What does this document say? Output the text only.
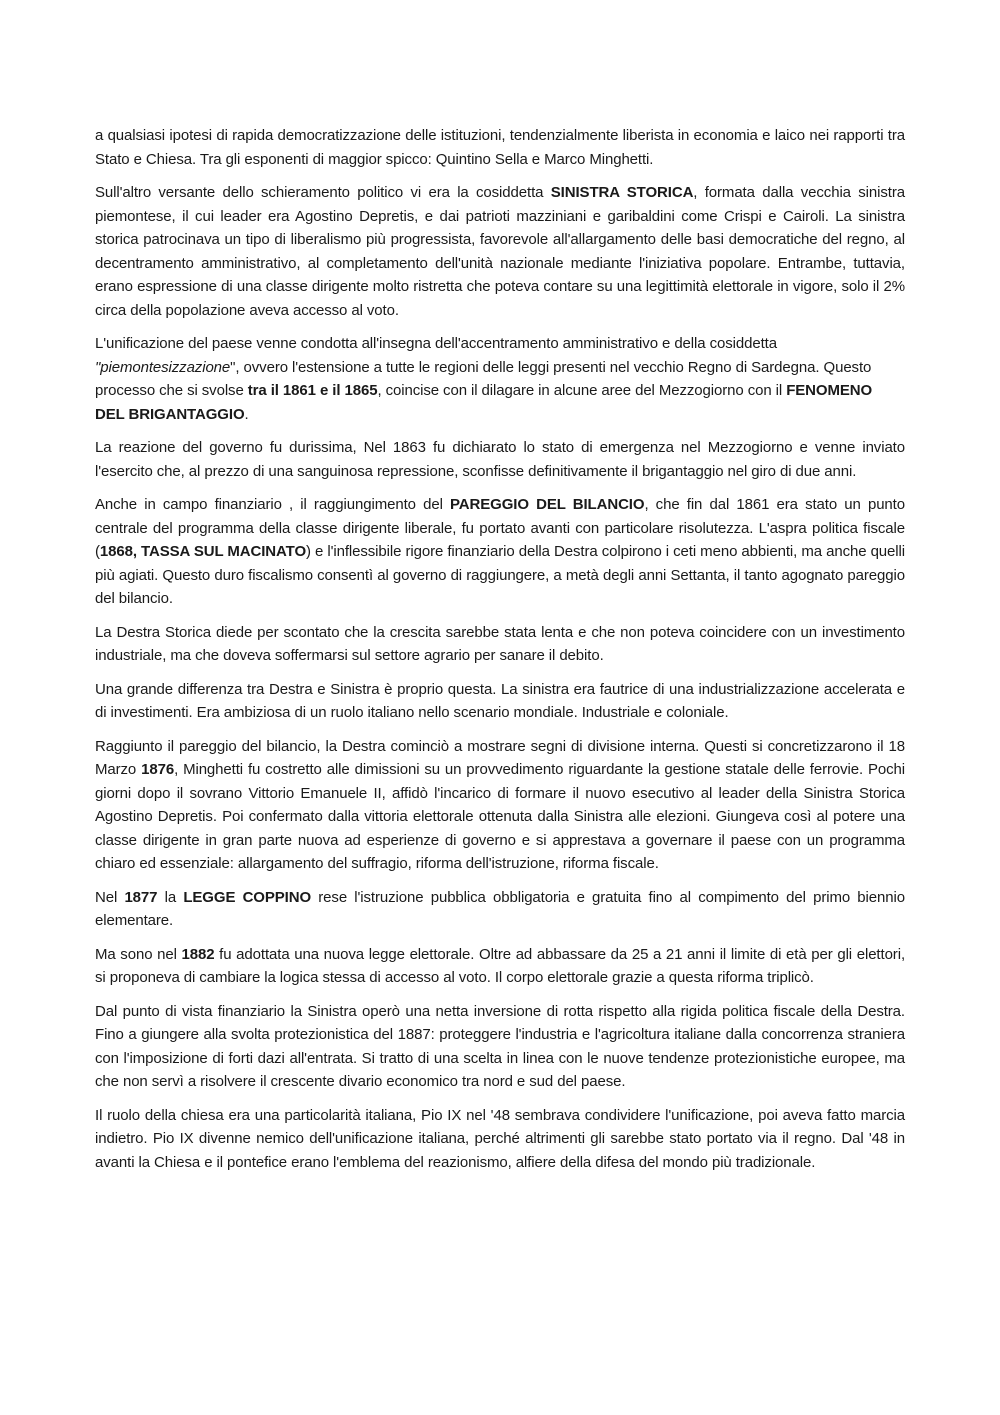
a qualsiasi ipotesi di rapida democratizzazione delle istituzioni, tendenzialmente liberista in economia e laico nei rapporti tra Stato e Chiesa. Tra gli esponenti di maggior spicco: Quintino Sella e Marco Minghetti.

Sull'altro versante dello schieramento politico vi era la cosiddetta SINISTRA STORICA, formata dalla vecchia sinistra piemontese, il cui leader era Agostino Depretis, e dai patrioti mazziniani e garibaldini come Crispi e Cairoli. La sinistra storica patrocinava un tipo di liberalismo più progressista, favorevole all'allargamento delle basi democratiche del regno, al decentramento amministrativo, al completamento dell'unità nazionale mediante l'iniziativa popolare. Entrambe, tuttavia, erano espressione di una classe dirigente molto ristretta che poteva contare su una legittimità elettorale in vigore, solo il 2% circa della popolazione aveva accesso al voto.

L'unificazione del paese venne condotta all'insegna dell'accentramento amministrativo e della cosiddetta "piemontesizzazione", ovvero l'estensione a tutte le regioni delle leggi presenti nel vecchio Regno di Sardegna. Questo processo che si svolse tra il 1861 e il 1865, coincise con il dilagare in alcune aree del Mezzogiorno con il FENOMENO DEL BRIGANTAGGIO.

La reazione del governo fu durissima, Nel 1863 fu dichiarato lo stato di emergenza nel Mezzogiorno e venne inviato l'esercito che, al prezzo di una sanguinosa repressione, sconfisse definitivamente il brigantaggio nel giro di due anni.

Anche in campo finanziario , il raggiungimento del PAREGGIO DEL BILANCIO, che fin dal 1861 era stato un punto centrale del programma della classe dirigente liberale, fu portato avanti con particolare risolutezza. L'aspra politica fiscale (1868, TASSA SUL MACINATO) e l'inflessibile rigore finanziario della Destra colpirono i ceti meno abbienti, ma anche quelli più agiati. Questo duro fiscalismo consentì al governo di raggiungere, a metà degli anni Settanta, il tanto agognato pareggio del bilancio.

La Destra Storica diede per scontato che la crescita sarebbe stata lenta e che non poteva coincidere con un investimento industriale, ma che doveva soffermarsi sul settore agrario per sanare il debito.

Una grande differenza tra Destra e Sinistra è proprio questa. La sinistra era fautrice di una industrializzazione accelerata e di investimenti. Era ambiziosa di un ruolo italiano nello scenario mondiale. Industriale e coloniale.

Raggiunto il pareggio del bilancio, la Destra cominciò a mostrare segni di divisione interna. Questi si concretizzarono il 18 Marzo 1876, Minghetti fu costretto alle dimissioni su un provvedimento riguardante la gestione statale delle ferrovie. Pochi giorni dopo il sovrano Vittorio Emanuele II, affidò l'incarico di formare il nuovo esecutivo al leader della Sinistra Storica Agostino Depretis. Poi confermato dalla vittoria elettorale ottenuta dalla Sinistra alle elezioni. Giungeva così al potere una classe dirigente in gran parte nuova ad esperienze di governo e si apprestava a governare il paese con un programma chiaro ed essenziale: allargamento del suffragio, riforma dell'istruzione, riforma fiscale.

Nel 1877 la LEGGE COPPINO rese l'istruzione pubblica obbligatoria e gratuita fino al compimento del primo biennio elementare.

Ma sono nel 1882 fu adottata una nuova legge elettorale. Oltre ad abbassare da 25 a 21 anni il limite di età per gli elettori, si proponeva di cambiare la logica stessa di accesso al voto. Il corpo elettorale grazie a questa riforma triplicò.

Dal punto di vista finanziario la Sinistra operò una netta inversione di rotta rispetto alla rigida politica fiscale della Destra. Fino a giungere alla svolta protezionistica del 1887: proteggere l'industria e l'agricoltura italiane dalla concorrenza straniera con l'imposizione di forti dazi all'entrata. Si tratto di una scelta in linea con le nuove tendenze protezionistiche europee, ma che non servì a risolvere il crescente divario economico tra nord e sud del paese.

Il ruolo della chiesa era una particolarità italiana, Pio IX nel '48 sembrava condividere l'unificazione, poi aveva fatto marcia indietro. Pio IX divenne nemico dell'unificazione italiana, perché altrimenti gli sarebbe stato portato via il regno. Dal '48 in avanti la Chiesa e il pontefice erano l'emblema del reazionismo, alfiere della difesa del mondo più tradizionale.
